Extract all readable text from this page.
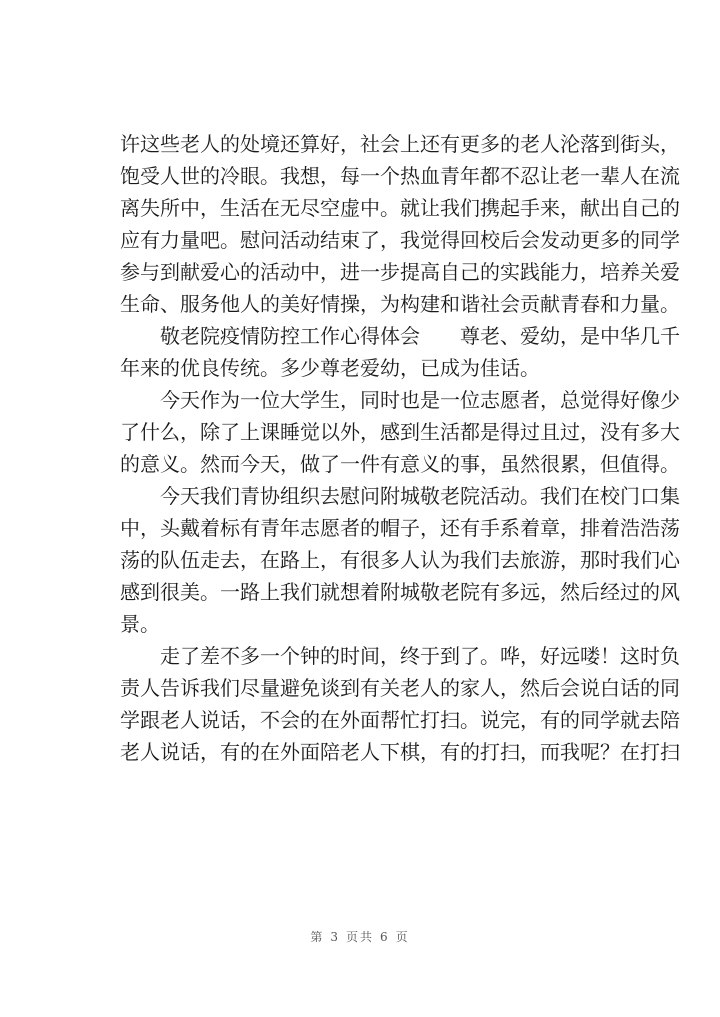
许这些老人的处境还算好，社会上还有更多的老人沦落到街头，
饱受人世的冷眼。我想，每一个热血青年都不忍让老一辈人在流
离失所中，生活在无尽空虚中。就让我们携起手来，献出自己的
应有力量吧。慰问活动结束了，我觉得回校后会发动更多的同学
参与到献爱心的活动中，进一步提高自己的实践能力，培养关爱
生命、服务他人的美好情操，为构建和谐社会贡献青春和力量。
敬老院疫情防控工作心得体会　　尊老、爱幼，是中华几千
年来的优良传统。多少尊老爱幼，已成为佳话。
今天作为一位大学生，同时也是一位志愿者，总觉得好像少
了什么，除了上课睡觉以外，感到生活都是得过且过，没有多大
的意义。然而今天，做了一件有意义的事，虽然很累，但值得。
今天我们青协组织去慰问附城敬老院活动。我们在校门口集
中，头戴着标有青年志愿者的帽子，还有手系着章，排着浩浩荡
荡的队伍走去，在路上，有很多人认为我们去旅游，那时我们心
感到很美。一路上我们就想着附城敬老院有多远，然后经过的风
景。
走了差不多一个钟的时间，终于到了。哗，好远喽！这时负
责人告诉我们尽量避免谈到有关老人的家人，然后会说白话的同
学跟老人说话，不会的在外面帮忙打扫。说完，有的同学就去陪
老人说话，有的在外面陪老人下棋，有的打扫，而我呢？在打扫
第 3 页共 6 页
